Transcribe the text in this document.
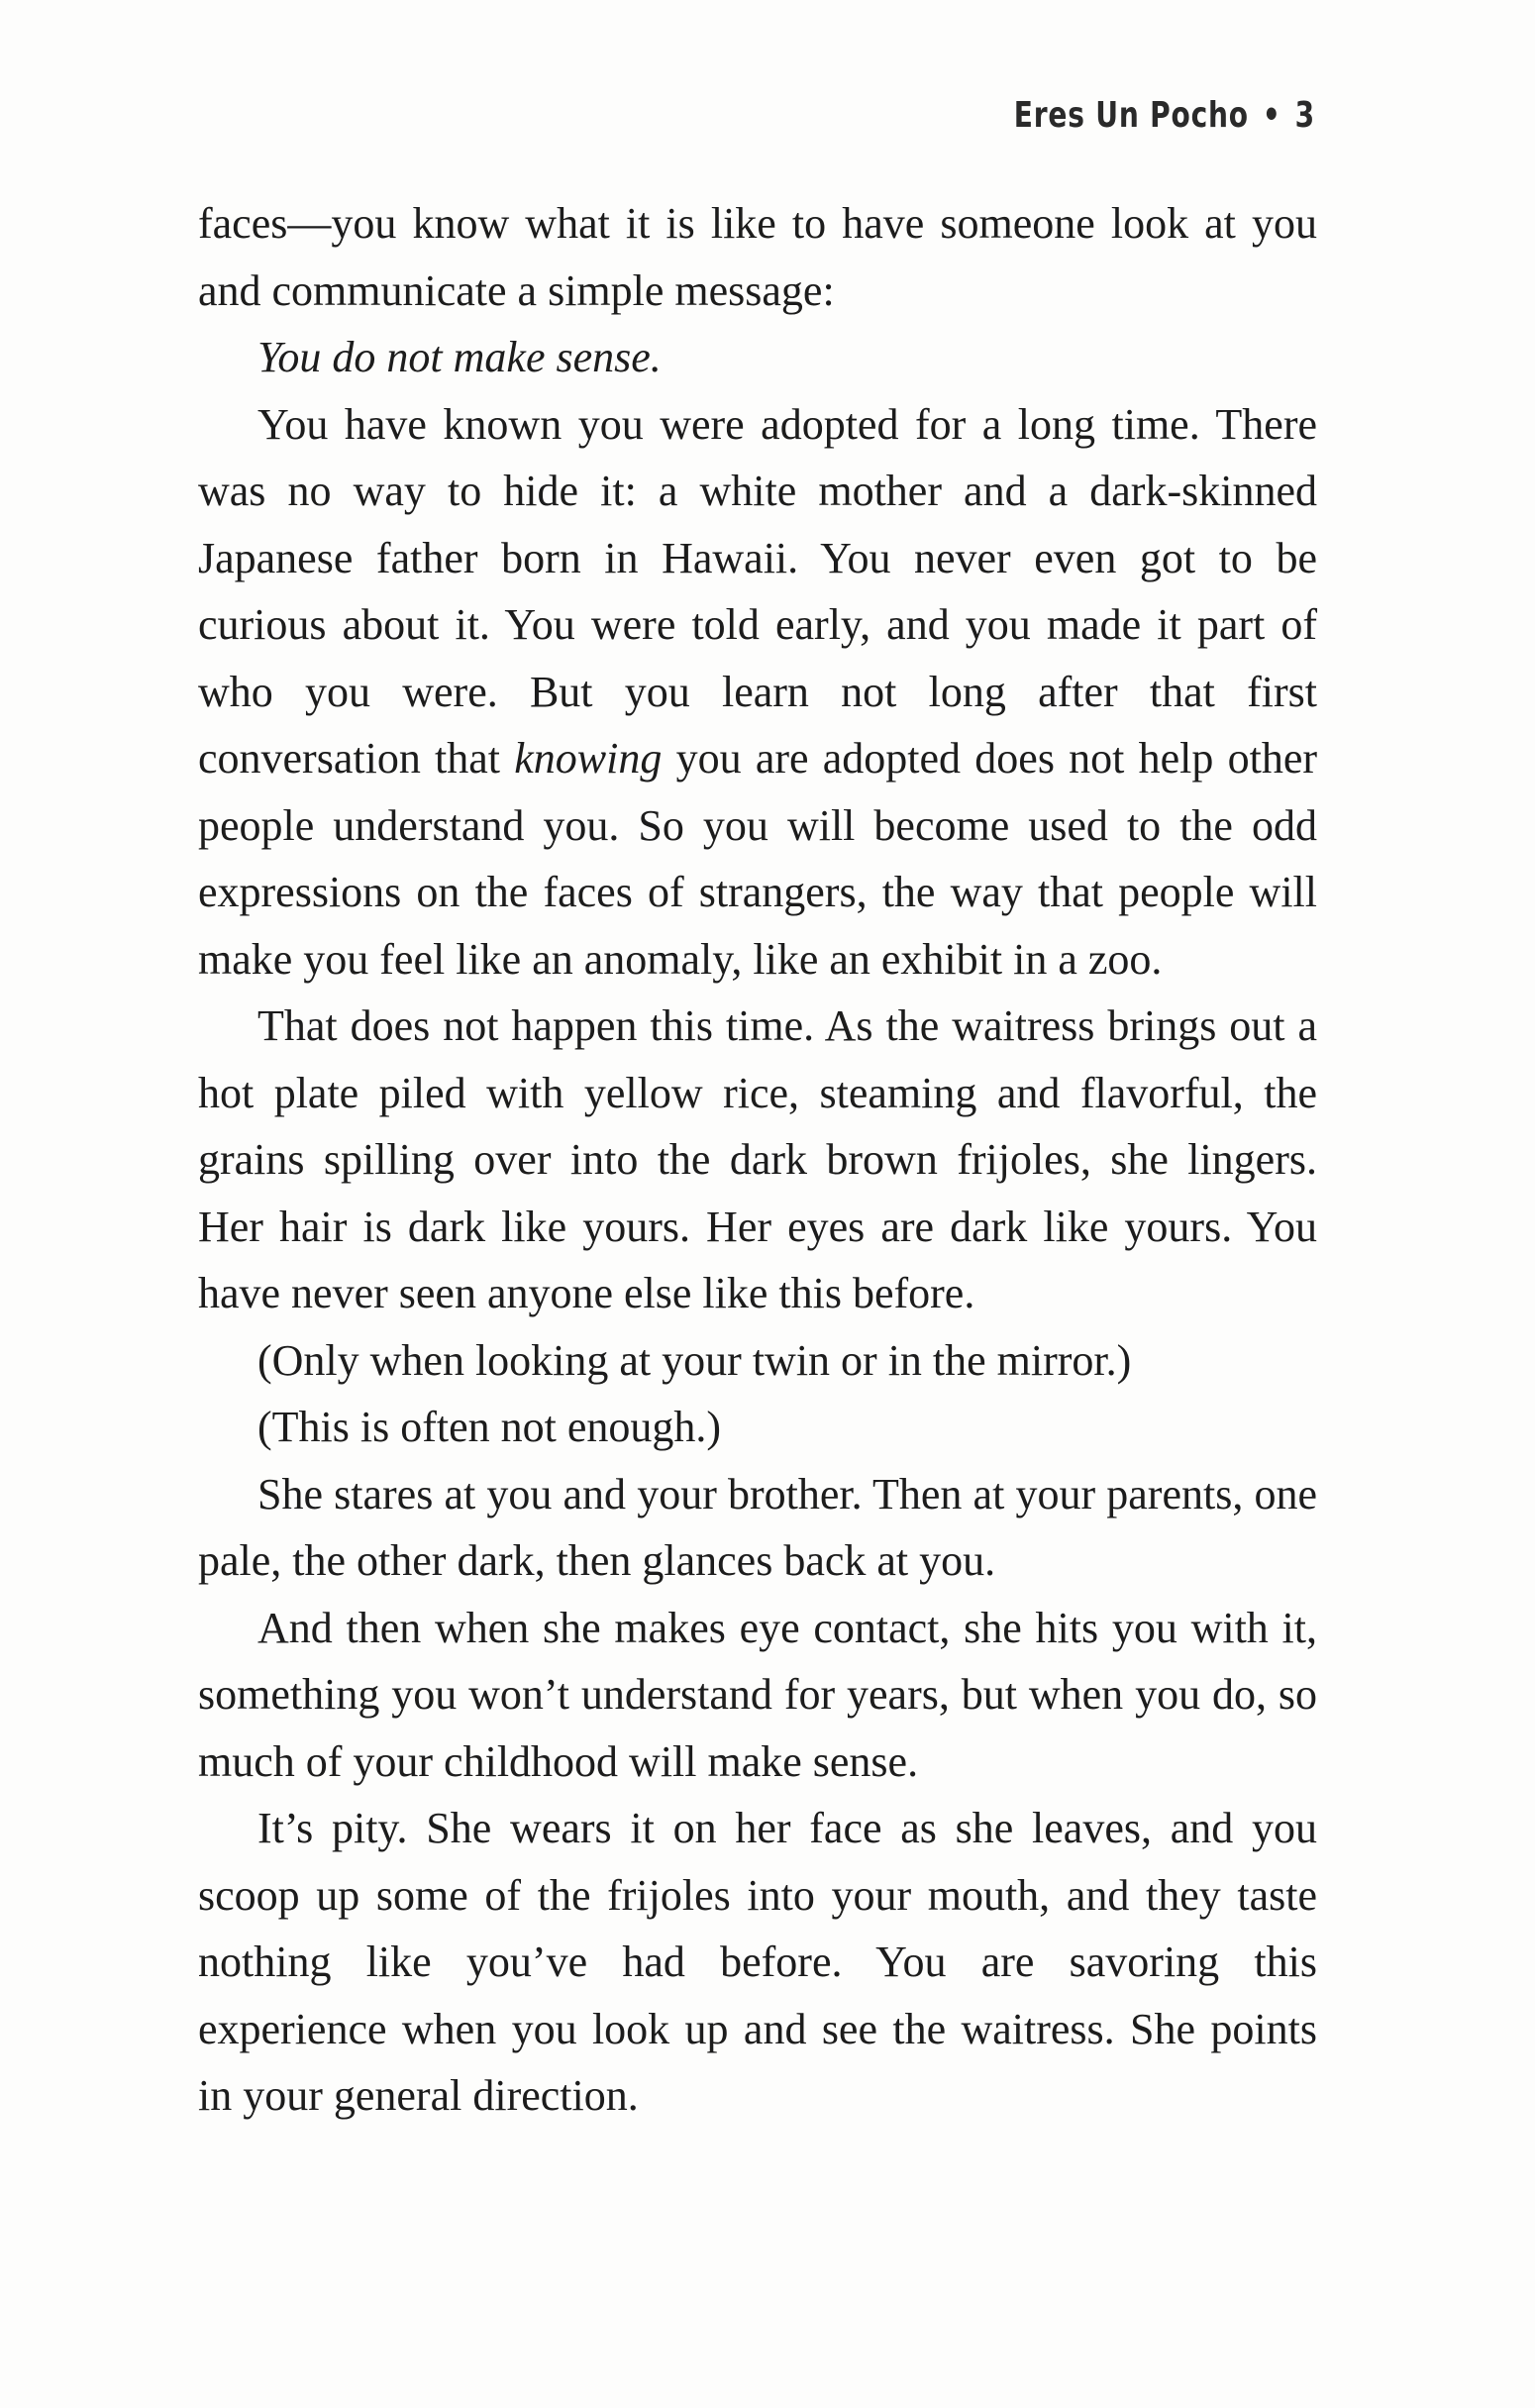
Eres Un Pocho • 3

faces—you know what it is like to have someone look at you and communicate a simple message:

You do not make sense.

You have known you were adopted for a long time. There was no way to hide it: a white mother and a dark-skinned Japanese father born in Hawaii. You never even got to be curious about it. You were told early, and you made it part of who you were. But you learn not long after that first conversation that knowing you are adopted does not help other people understand you. So you will become used to the odd expressions on the faces of strangers, the way that people will make you feel like an anomaly, like an exhibit in a zoo.

That does not happen this time. As the waitress brings out a hot plate piled with yellow rice, steaming and flavorful, the grains spilling over into the dark brown frijoles, she lingers. Her hair is dark like yours. Her eyes are dark like yours. You have never seen anyone else like this before.

(Only when looking at your twin or in the mirror.)

(This is often not enough.)

She stares at you and your brother. Then at your parents, one pale, the other dark, then glances back at you.

And then when she makes eye contact, she hits you with it, something you won’t understand for years, but when you do, so much of your childhood will make sense.

It’s pity. She wears it on her face as she leaves, and you scoop up some of the frijoles into your mouth, and they taste nothing like you’ve had before. You are savoring this experience when you look up and see the waitress. She points in your general direction.
